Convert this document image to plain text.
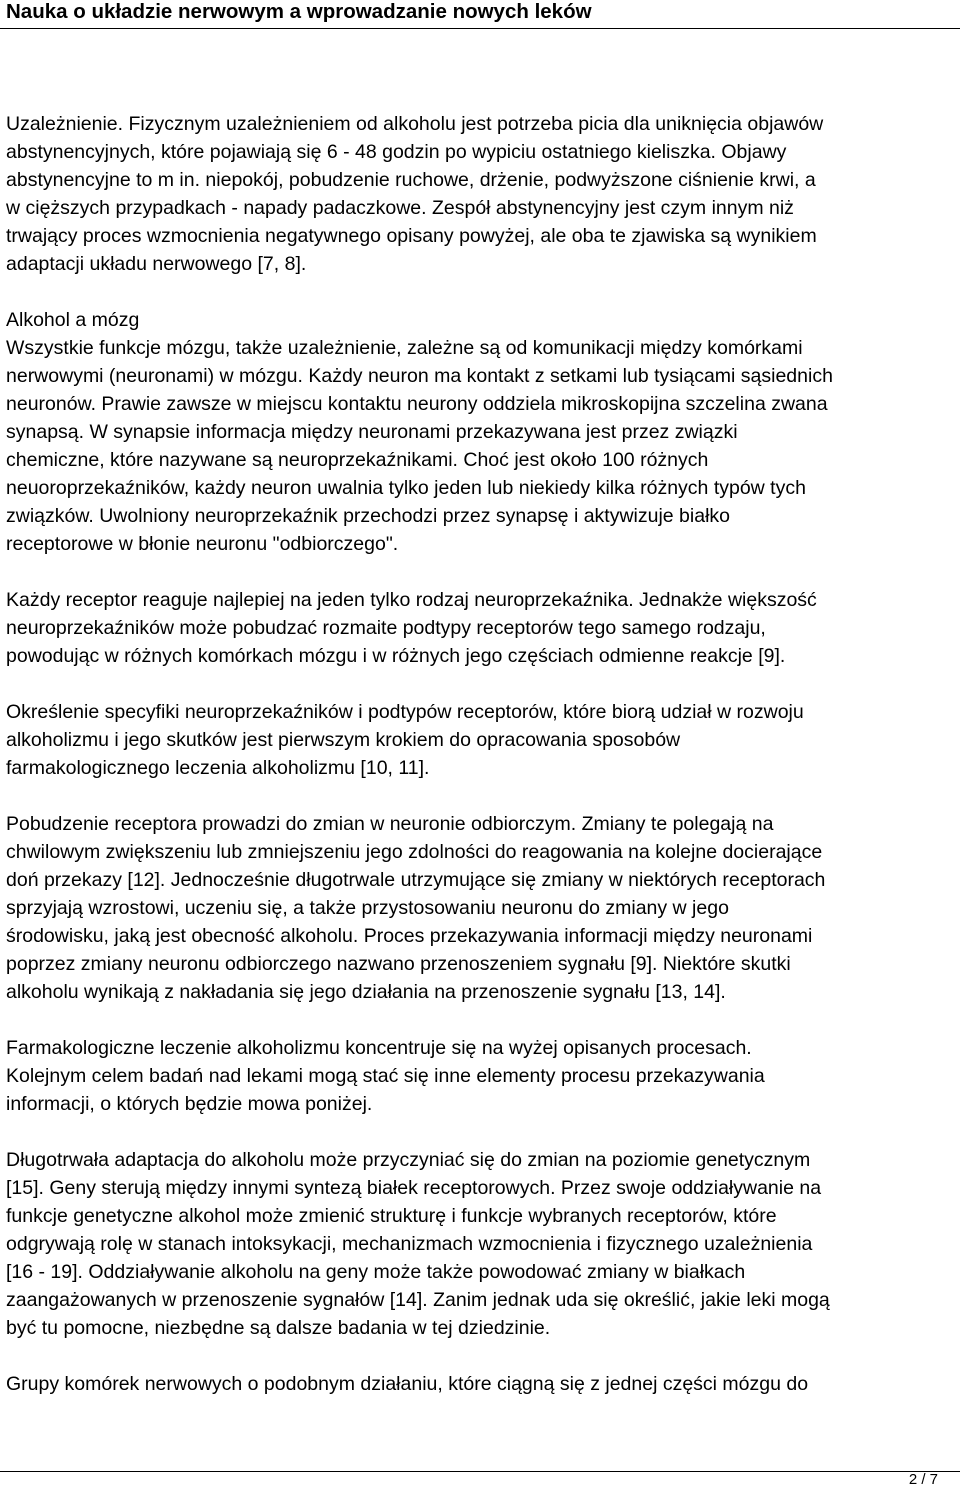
Nauka o układzie nerwowym a wprowadzanie nowych leków

Uzależnienie. Fizycznym uzależnieniem od alkoholu jest potrzeba picia dla uniknięcia objawów
abstynencyjnych, które pojawiają się 6 - 48 godzin po wypiciu ostatniego kieliszka. Objawy
abstynencyjne to m in. niepokój, pobudzenie ruchowe, drżenie, podwyższone ciśnienie krwi, a
w cięższych przypadkach - napady padaczkowe. Zespół abstynencyjny jest czym innym niż
trwający proces wzmocnienia negatywnego opisany powyżej, ale oba te zjawiska są wynikiem
adaptacji układu nerwowego [7, 8].

Alkohol a mózg

Wszystkie funkcje mózgu, także uzależnienie, zależne są od komunikacji między komórkami
nerwowymi (neuronami) w mózgu. Każdy neuron ma kontakt z setkami lub tysiącami sąsiednich
neuronów. Prawie zawsze w miejscu kontaktu neurony oddziela mikroskopijna szczelina zwana
synapsą. W synapsie informacja między neuronami przekazywana jest przez związki
chemiczne, które nazywane są neuroprzekaźnikami. Choć jest około 100 różnych
neuoroprzekaźników, każdy neuron uwalnia tylko jeden lub niekiedy kilka różnych typów tych
związków. Uwolniony neuroprzekaźnik przechodzi przez synapsę i aktywizuje białko
receptorowe w błonie neuronu "odbiorczego".

Każdy receptor reaguje najlepiej na jeden tylko rodzaj neuroprzekaźnika. Jednakże większość
neuroprzekaźników może pobudzać rozmaite podtypy receptorów tego samego rodzaju,
powodując w różnych komórkach mózgu i w różnych jego częściach odmienne reakcje [9].

Określenie specyfiki neuroprzekaźników i podtypów receptorów, które biorą udział w rozwoju
alkoholizmu i jego skutków jest pierwszym krokiem do opracowania sposobów
farmakologicznego leczenia alkoholizmu [10, 11].

Pobudzenie receptora prowadzi do zmian w neuronie odbiorczym. Zmiany te polegają na
chwilowym zwiększeniu lub zmniejszeniu jego zdolności do reagowania na kolejne docierające
doń przekazy [12]. Jednocześnie długotrwale utrzymujące się zmiany w niektórych receptorach
sprzyjają wzrostowi, uczeniu się, a także przystosowaniu neuronu do zmiany w jego
środowisku, jaką jest obecność alkoholu. Proces przekazywania informacji między neuronami
poprzez zmiany neuronu odbiorczego nazwano przenoszeniem sygnału [9]. Niektóre skutki
alkoholu wynikają z nakładania się jego działania na przenoszenie sygnału [13, 14].

Farmakologiczne leczenie alkoholizmu koncentruje się na wyżej opisanych procesach.
Kolejnym celem badań nad lekami mogą stać się inne elementy procesu przekazywania
informacji, o których będzie mowa poniżej.

Długotrwała adaptacja do alkoholu może przyczyniać się do zmian na poziomie genetycznym
[15]. Geny sterują między innymi syntezą białek receptorowych. Przez swoje oddziaływanie na
funkcje genetyczne alkohol może zmienić strukturę i funkcje wybranych receptorów, które
odgrywają rolę w stanach intoksykacji, mechanizmach wzmocnienia i fizycznego uzależnienia
[16 - 19]. Oddziaływanie alkoholu na geny może także powodować zmiany w białkach
zaangażowanych w przenoszenie sygnałów [14]. Zanim jednak uda się określić, jakie leki mogą
być tu pomocne, niezbędne są dalsze badania w tej dziedzinie.

Grupy komórek nerwowych o podobnym działaniu, które ciągną się z jednej części mózgu do

2 / 7
